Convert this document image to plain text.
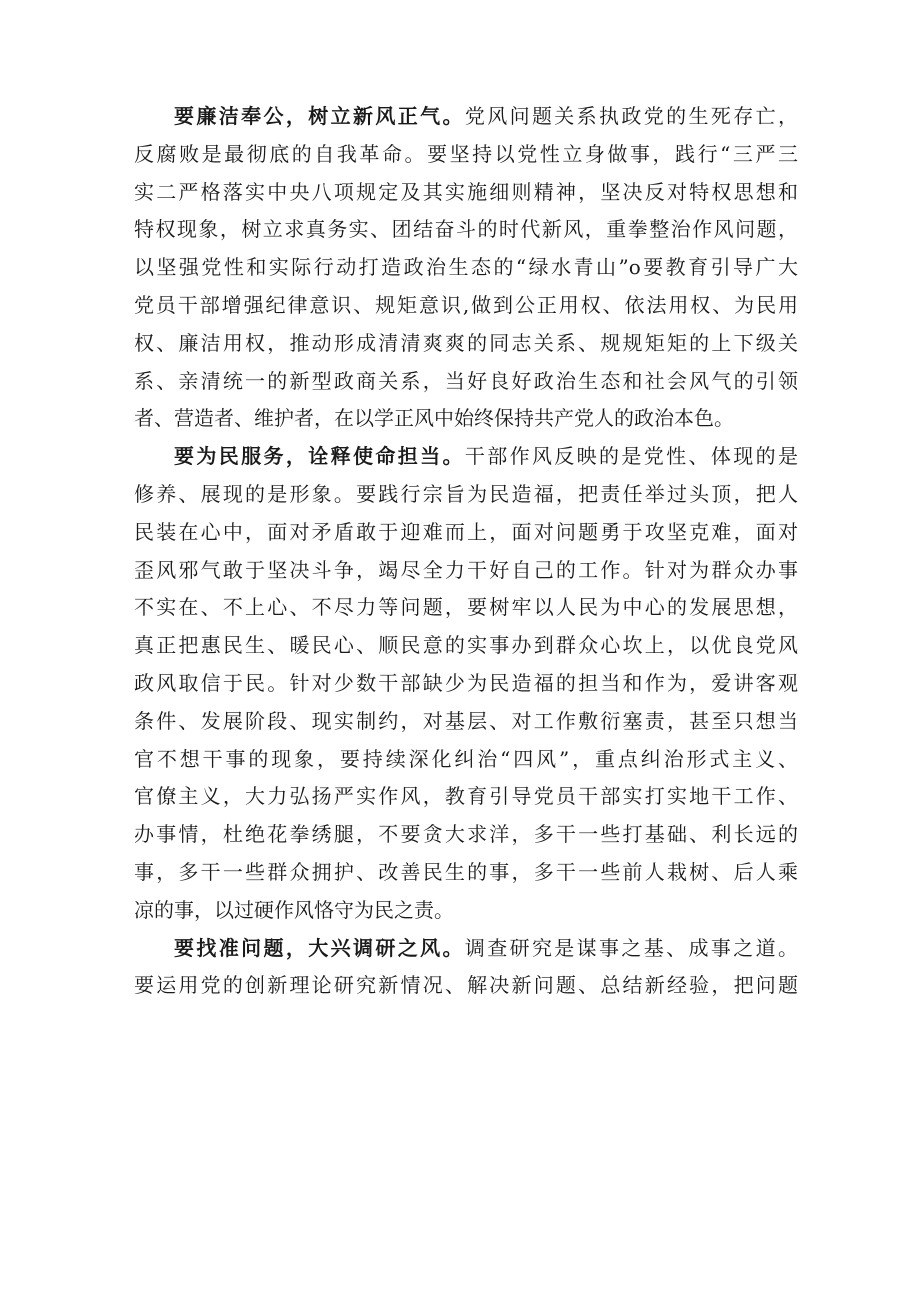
要廉洁奉公，树立新风正气。党风问题关系执政党的生死存亡，
反腐败是最彻底的自我革命。要坚持以党性立身做事，践行“三严三
实二严格落实中央八项规定及其实施细则精神，坚决反对特权思想和
特权现象，树立求真务实、团结奋斗的时代新风，重拳整治作风问题，
以坚强党性和实际行动打造政治生态的“绿水青山”o要教育引导广大
党员干部增强纪律意识、规矩意识,做到公正用权、依法用权、为民用
权、廉洁用权，推动形成清清爽爽的同志关系、规规矩矩的上下级关
系、亲清统一的新型政商关系，当好良好政治生态和社会风气的引领
者、营造者、维护者，在以学正风中始终保持共产党人的政治本色。
要为民服务，诠释使命担当。干部作风反映的是党性、体现的是
修养、展现的是形象。要践行宗旨为民造福，把责任举过头顶，把人
民装在心中，面对矛盾敢于迎难而上，面对问题勇于攻坚克难，面对
歪风邪气敢于坚决斗争，竭尽全力干好自己的工作。针对为群众办事
不实在、不上心、不尽力等问题，要树牢以人民为中心的发展思想，
真正把惠民生、暖民心、顺民意的实事办到群众心坎上，以优良党风
政风取信于民。针对少数干部缺少为民造福的担当和作为，爱讲客观
条件、发展阶段、现实制约，对基层、对工作敷衍塞责，甚至只想当
官不想干事的现象，要持续深化纠治“四风”，重点纠治形式主义、
官僚主义，大力弘扬严实作风，教育引导党员干部实打实地干工作、
办事情，杜绝花拳绣腿，不要贪大求洋，多干一些打基础、利长远的
事，多干一些群众拥护、改善民生的事，多干一些前人栽树、后人乘
凉的事，以过硬作风恪守为民之责。
要找准问题，大兴调研之风。调查研究是谋事之基、成事之道。
要运用党的创新理论研究新情况、解决新问题、总结新经验，把问题
